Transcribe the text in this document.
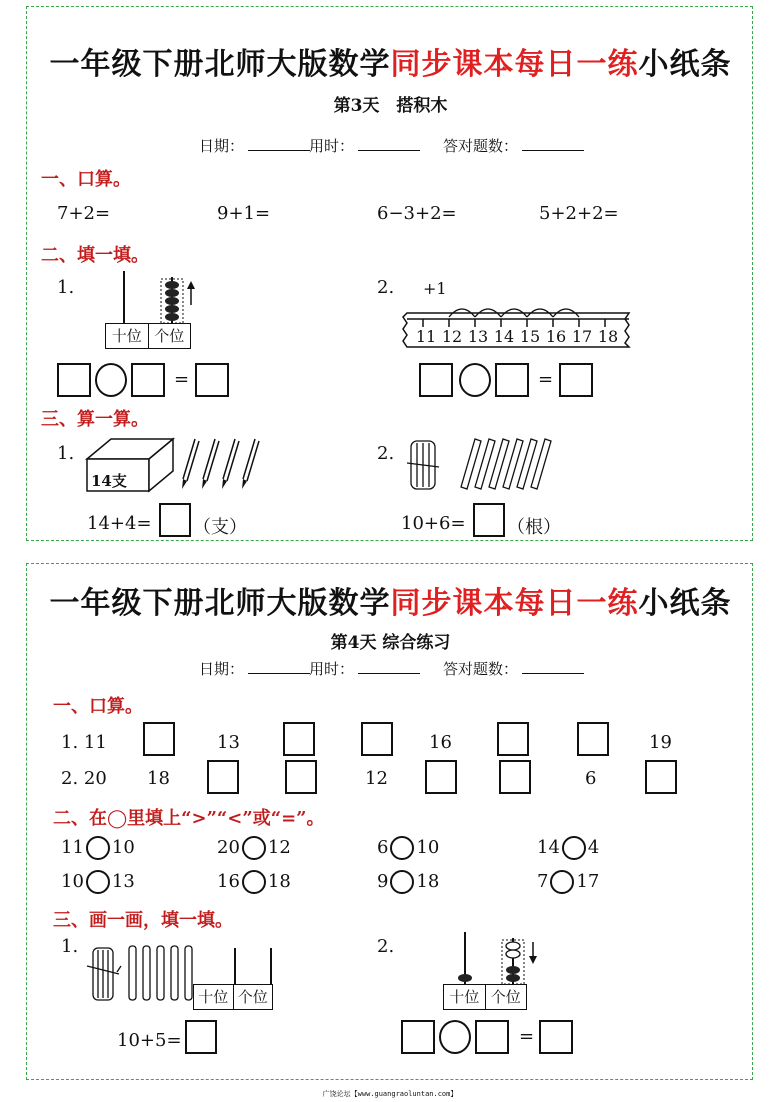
一年级下册北师大版数学同步课本每日一练小纸条
第3天　搭积木
日期：	用时：	答对题数：
一、口算。
7+2=	9+1=	6−3+2=	5+2+2=
二、填一填。
1.
十位 个位
=
2. +1
11 12 13 14 15 16 17 18
=
三、算一算。
1.
14支
14+4= （支）
2.
10+6= （根）
一年级下册北师大版数学同步课本每日一练小纸条
第4天 综合练习
日期：	用时：	答对题数：
一、口算。
1. 11	13	16	19
2. 20 18	12	6
二、在◯里填上“>”“<”或“=”。
11 10	20 12	6 10	14 4
10 13	16 18	9 18	7 17
三、画一画，填一填。
1.
十位 个位
10+5=
2.
十位 个位
=
广饶论坛【www.guangraoluntan.com】
